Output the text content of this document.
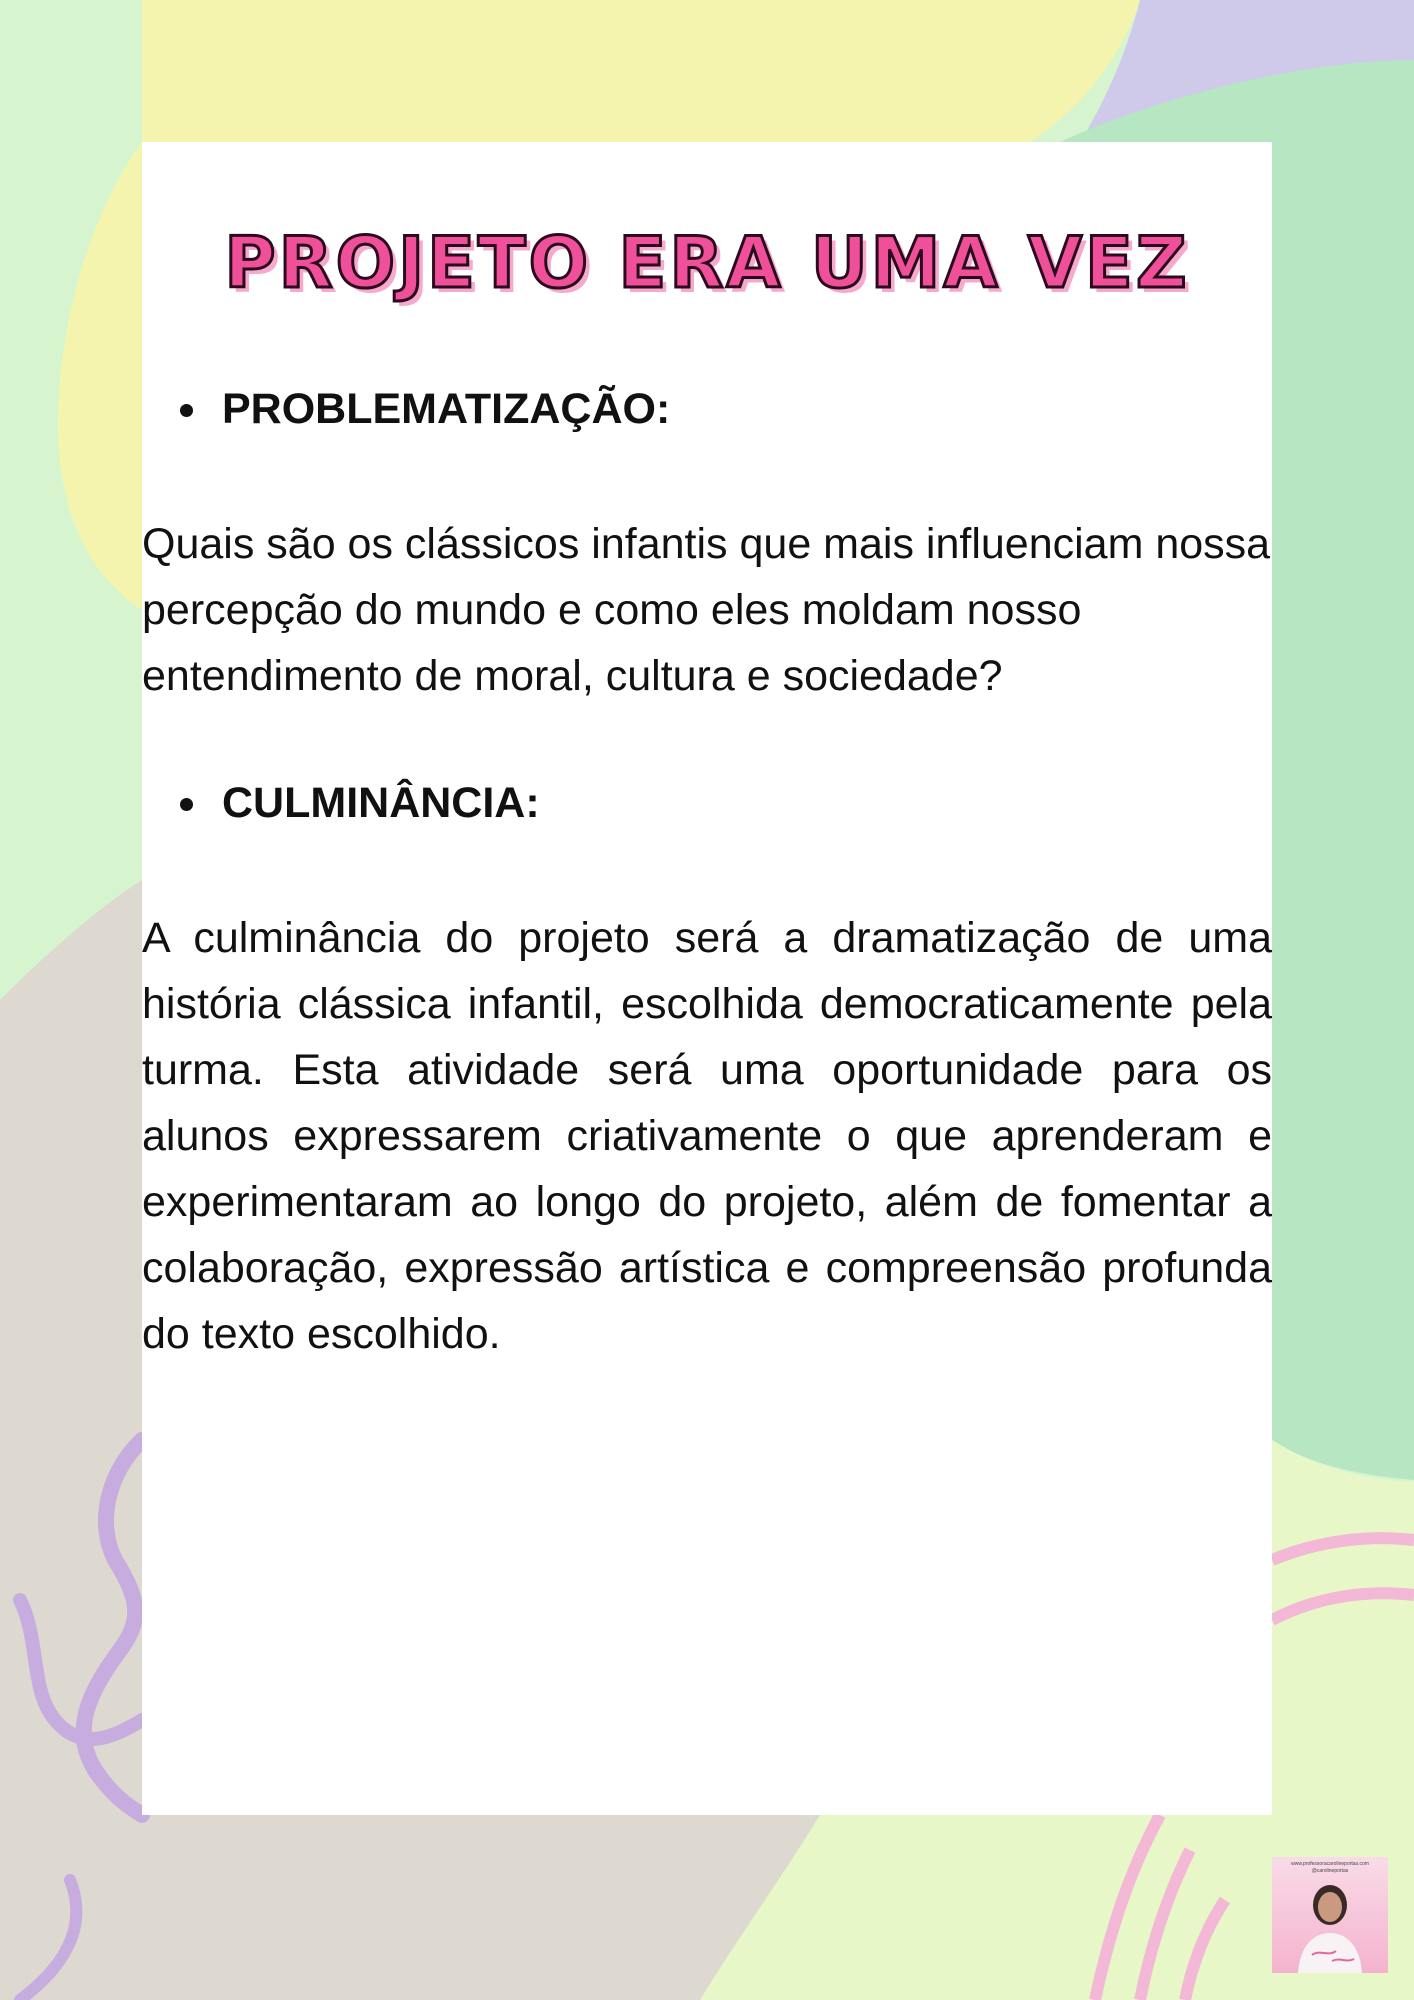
PROJETO ERA UMA VEZ
PROBLEMATIZAÇÃO:

Quais são os clássicos infantis que mais influenciam nossa percepção do mundo e como eles moldam nosso entendimento de moral, cultura e sociedade?

CULMINÂNCIA:

A culminância do projeto será a dramatização de uma história clássica infantil, escolhida democraticamente pela turma. Esta atividade será uma oportunidade para os alunos expressarem criativamente o que aprenderam e experimentaram ao longo do projeto, além de fomentar a colaboração, expressão artística e compreensão profunda do texto escolhido.

www.professoracarolineportas.com
@carolineportas
